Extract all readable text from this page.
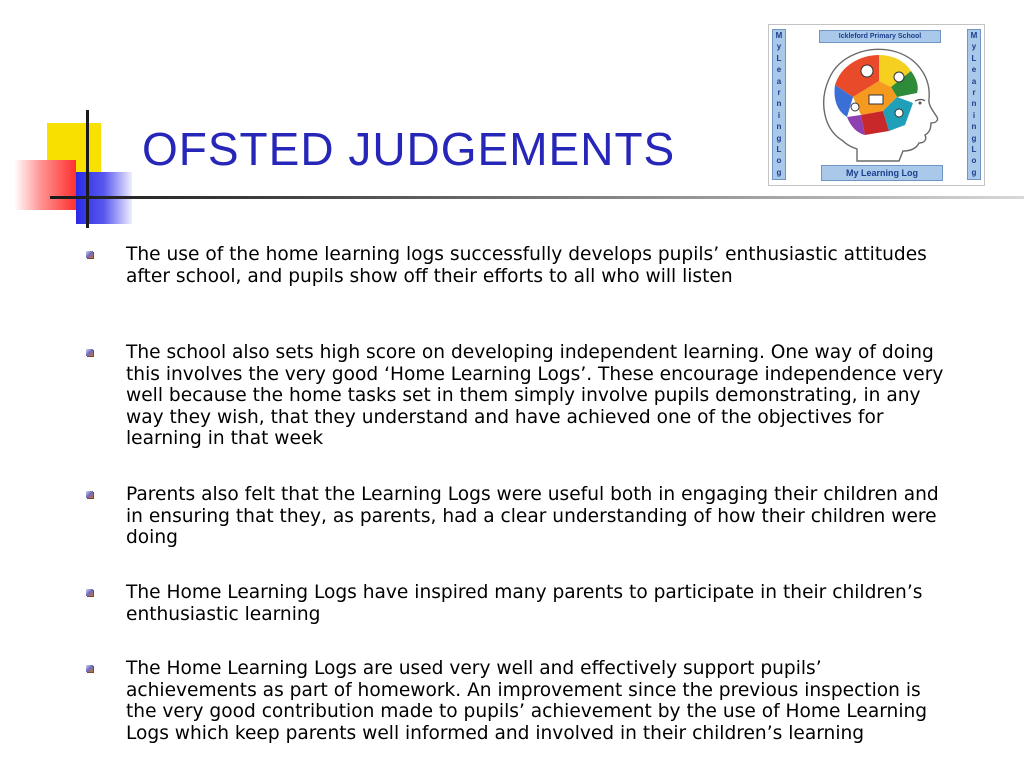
OFSTED JUDGEMENTS
M
y
L
e
a
r
n
i
n
g
L
o
g
M
y
L
e
a
r
n
i
n
g
L
o
g
Ickleford Primary School
My Learning Log
The use of the home learning logs successfully develops pupils’ enthusiastic attitudes after school, and pupils show off their efforts to all who will listen
The school also sets high score on developing independent learning. One way of doing this involves the very good ‘Home Learning Logs’. These encourage independence very well because the home tasks set in them simply involve pupils demonstrating, in any way they wish, that they understand and have achieved one of the objectives for learning in that week
Parents also felt that the Learning Logs were useful both in engaging their children and in ensuring that they, as parents, had a clear understanding of how their children were doing
The Home Learning Logs have inspired many parents to participate in their children’s enthusiastic learning
The Home Learning Logs are used very well and effectively support pupils’ achievements as part of homework. An improvement since the previous inspection is the very good contribution made to pupils’ achievement by the use of Home Learning Logs which keep parents well informed and involved in their children’s learning
